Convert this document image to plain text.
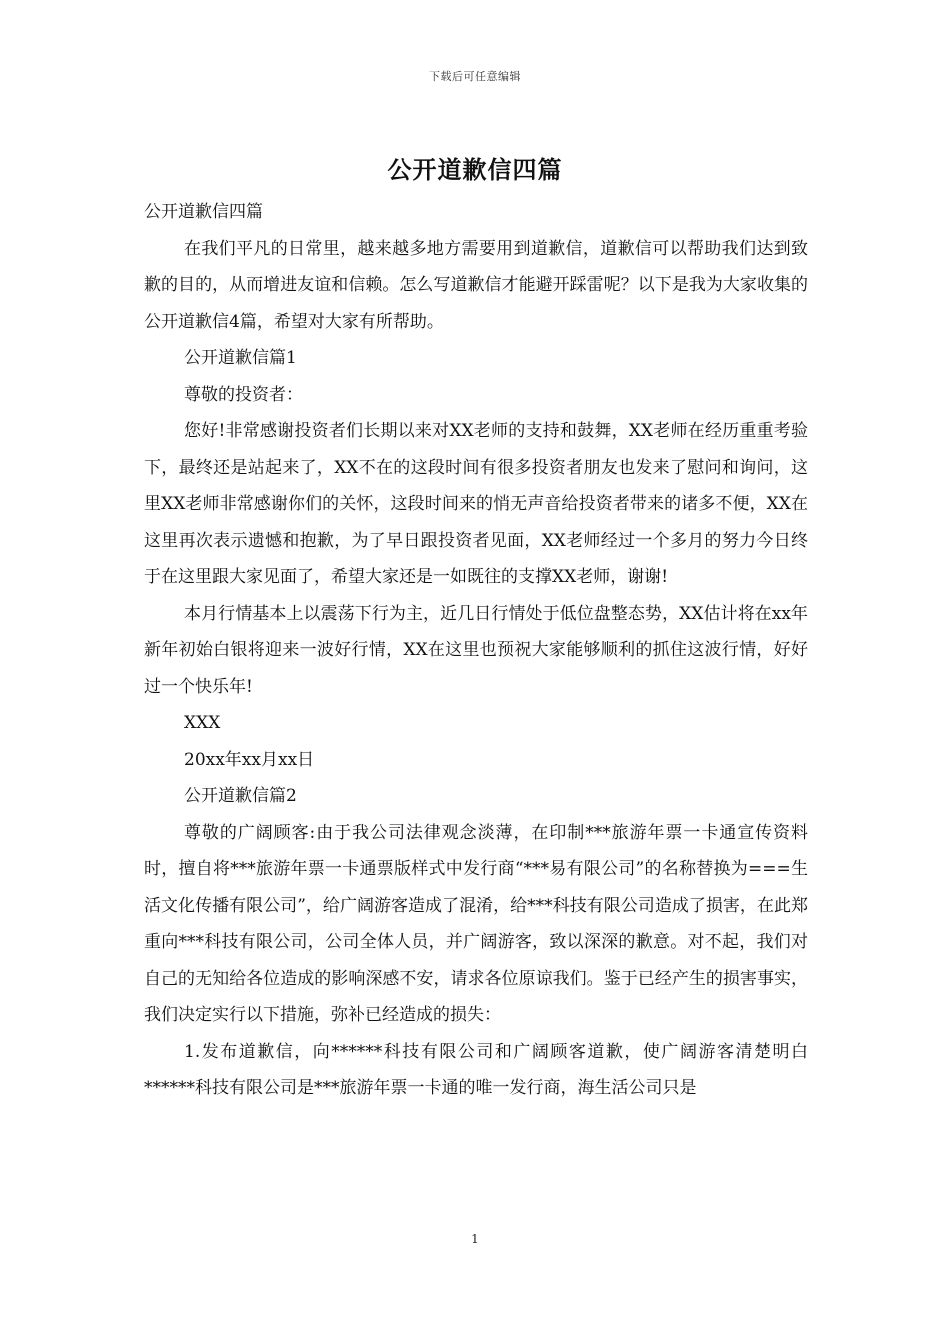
下载后可任意编辑
公开道歉信四篇

公开道歉信四篇

在我们平凡的日常里，越来越多地方需要用到道歉信，道歉信可以帮助我们达到致歉的目的，从而增进友谊和信赖。怎么写道歉信才能避开踩雷呢？以下是我为大家收集的公开道歉信4篇，希望对大家有所帮助。

公开道歉信篇1

尊敬的投资者：

您好!非常感谢投资者们长期以来对XX老师的支持和鼓舞，XX老师在经历重重考验下，最终还是站起来了，XX不在的这段时间有很多投资者朋友也发来了慰问和询问，这里XX老师非常感谢你们的关怀，这段时间来的悄无声音给投资者带来的诸多不便，XX在这里再次表示遗憾和抱歉，为了早日跟投资者见面，XX老师经过一个多月的努力今日终于在这里跟大家见面了，希望大家还是一如既往的支撑XX老师，谢谢!

本月行情基本上以震荡下行为主，近几日行情处于低位盘整态势，XX估计将在xx年新年初始白银将迎来一波好行情，XX在这里也预祝大家能够顺利的抓住这波行情，好好过一个快乐年!

XXX

20xx年xx月xx日

公开道歉信篇2

尊敬的广阔顾客:由于我公司法律观念淡薄，在印制***旅游年票一卡通宣传资料时，擅自将***旅游年票一卡通票版样式中发行商“***易有限公司”的名称替换为===生活文化传播有限公司”，给广阔游客造成了混淆，给***科技有限公司造成了损害，在此郑重向***科技有限公司，公司全体人员，并广阔游客，致以深深的歉意。对不起，我们对自己的无知给各位造成的影响深感不安，请求各位原谅我们。鉴于已经产生的损害事实，我们决定实行以下措施，弥补已经造成的损失：

1.发布道歉信，向******科技有限公司和广阔顾客道歉，使广阔游客清楚明白******科技有限公司是***旅游年票一卡通的唯一发行商，海生活公司只是

1
